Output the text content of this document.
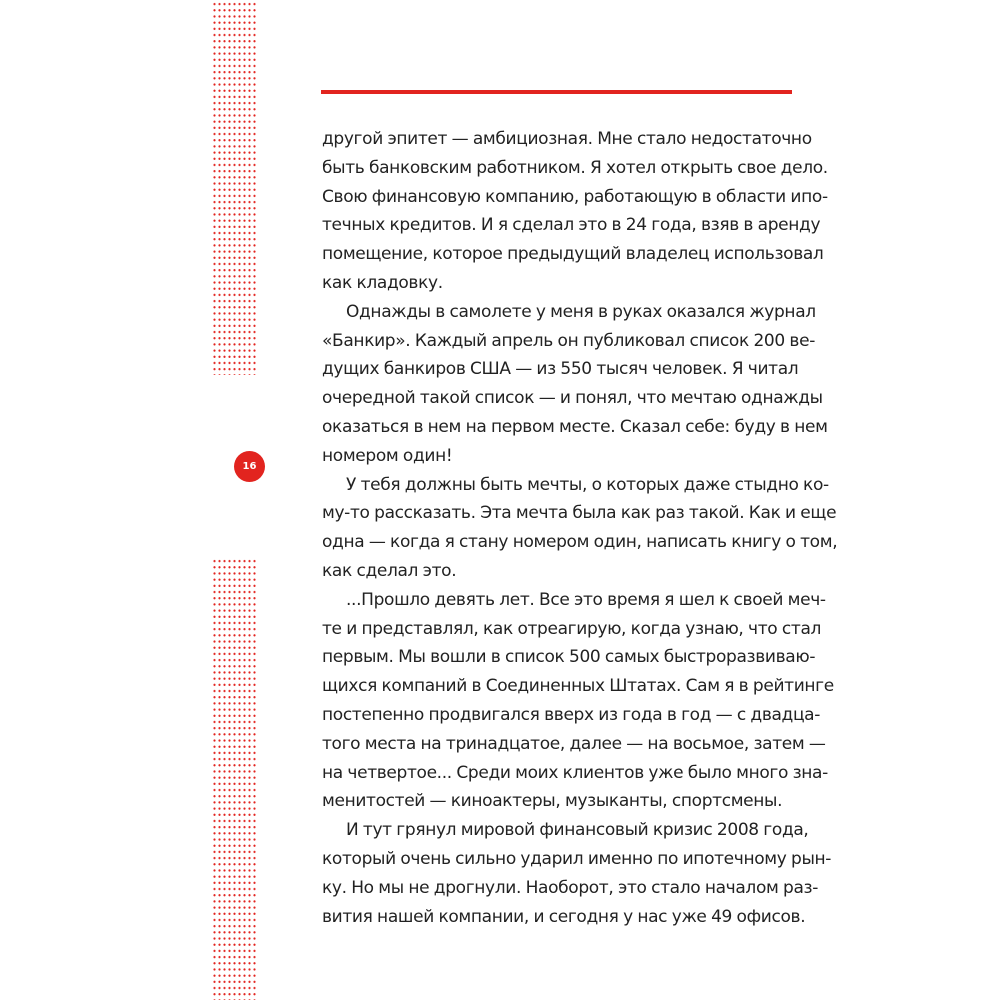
16
другой эпитет — амбициозная. Мне стало недостаточно
быть банковским работником. Я хотел открыть свое дело.
Свою финансовую компанию, работающую в области ипо-
течных кредитов. И я сделал это в 24 года, взяв в аренду
помещение, которое предыдущий владелец использовал
как кладовку.
Однажды в самолете у меня в руках оказался журнал
«Банкир». Каждый апрель он публиковал список 200 ве-
дущих банкиров США — из 550 тысяч человек. Я читал
очередной такой список — и понял, что мечтаю однажды
оказаться в нем на первом месте. Сказал себе: буду в нем
номером один!
У тебя должны быть мечты, о которых даже стыдно ко-
му-то рассказать. Эта мечта была как раз такой. Как и еще
одна — когда я стану номером один, написать книгу о том,
как сделал это.
...Прошло девять лет. Все это время я шел к своей меч-
те и представлял, как отреагирую, когда узнаю, что стал
первым. Мы вошли в список 500 самых быстроразвиваю-
щихся компаний в Соединенных Штатах. Сам я в рейтинге
постепенно продвигался вверх из года в год — с двадца-
того места на тринадцатое, далее — на восьмое, затем —
на четвертое... Среди моих клиентов уже было много зна-
менитостей — киноактеры, музыканты, спортсмены.
И тут грянул мировой финансовый кризис 2008 года,
который очень сильно ударил именно по ипотечному рын-
ку. Но мы не дрогнули. Наоборот, это стало началом раз-
вития нашей компании, и сегодня у нас уже 49 офисов.
